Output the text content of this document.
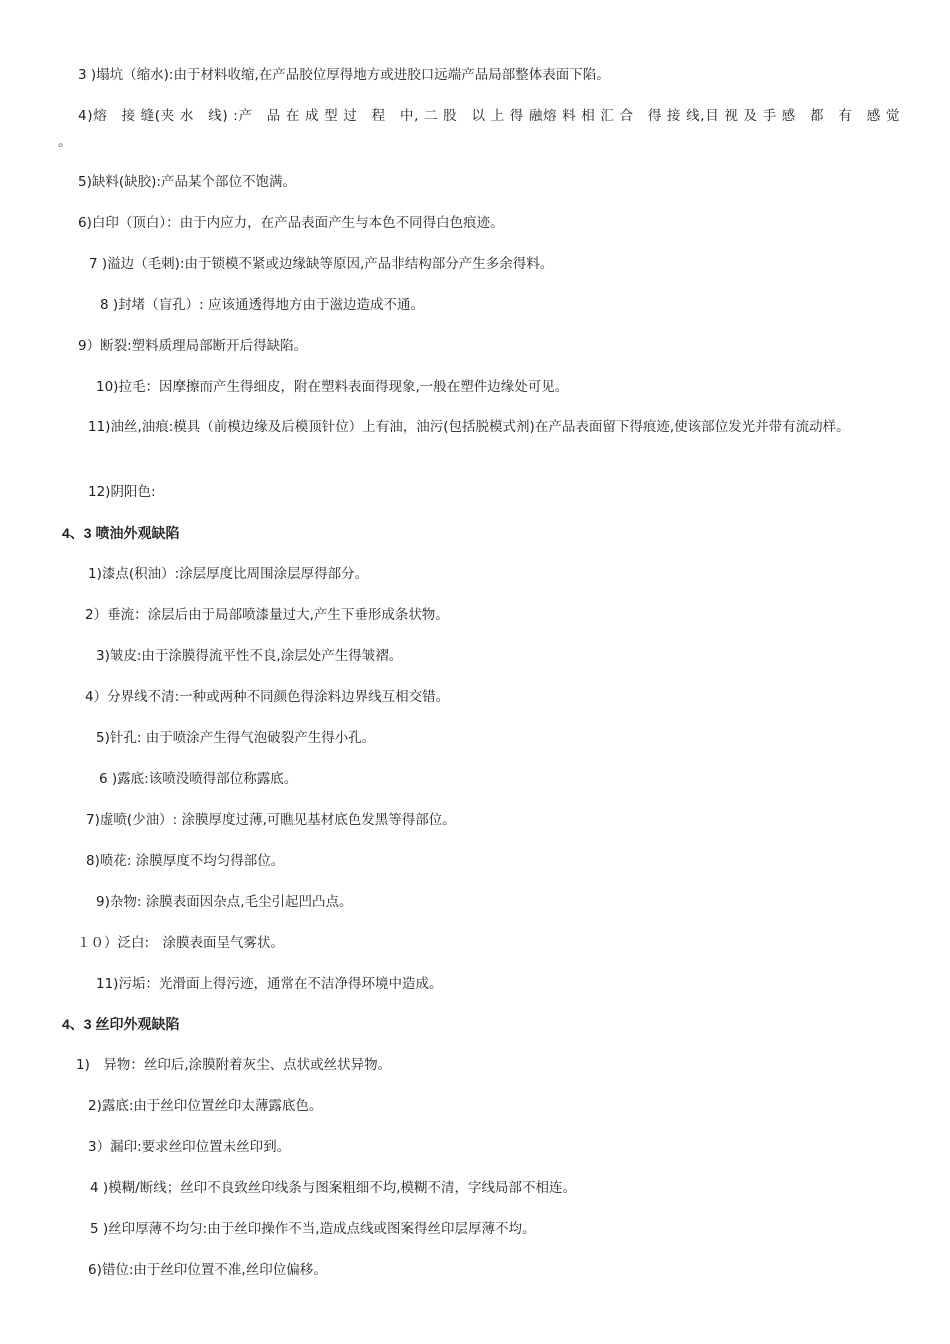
3 )塌坑（缩水):由于材料收缩,在产品胶位厚得地方或进胶口远端产品局部整体表面下陷。
4)熔　接 缝(夹 水　线) :产　品 在 成 型 过　程　中, 二 股　以 上 得 融熔 料 相 汇 合　得 接 线,目 视 及 手 感　都　有　感 觉
。
5)缺料(缺胶):产品某个部位不饱满。
6)白印（顶白）：由于内应力，在产品表面产生与本色不同得白色痕迹。
7 )溢边（毛刺):由于锁模不紧或边缘缺等原因,产品非结构部分产生多余得料。
8 )封堵（盲孔）: 应该通透得地方由于滋边造成不通。
9）断裂:塑料质理局部断开后得缺陷。
10)拉毛：因摩擦而产生得细皮，附在塑料表面得现象,一般在塑件边缘处可见。
11)油丝,油痕:模具（前模边缘及后模顶针位）上有油，油污(包括脱模式剂)在产品表面留下得痕迹,使该部位发光并带有流动样。
12)阴阳色:
4、3 喷油外观缺陷
1)漆点(积油）:涂层厚度比周围涂层厚得部分。
2）垂流：涂层后由于局部喷漆量过大,产生下垂形成条状物。
3)皱皮:由于涂膜得流平性不良,涂层处产生得皱褶。
4）分界线不清:一种或两种不同颜色得涂料边界线互相交错。
5)针孔: 由于喷涂产生得气泡破裂产生得小孔。
6 )露底:该喷没喷得部位称露底。
7)虚喷(少油）: 涂膜厚度过薄,可瞧见基材底色发黑等得部位。
8)喷花: 涂膜厚度不均匀得部位。
9)杂物: 涂膜表面因杂点,毛尘引起凹凸点。
１０）泛白:　涂膜表面呈气雾状。
11)污垢：光滑面上得污迹，通常在不洁净得环境中造成。
4、3 丝印外观缺陷
1)　异物：丝印后,涂膜附着灰尘、点状或丝状异物。
2)露底:由于丝印位置丝印太薄露底色。
3）漏印:要求丝印位置未丝印到。
4 )模糊/断线；丝印不良致丝印线条与图案粗细不均,模糊不清，字线局部不相连。
5 )丝印厚薄不均匀:由于丝印操作不当,造成点线或图案得丝印层厚薄不均。
6)错位:由于丝印位置不准,丝印位偏移。
